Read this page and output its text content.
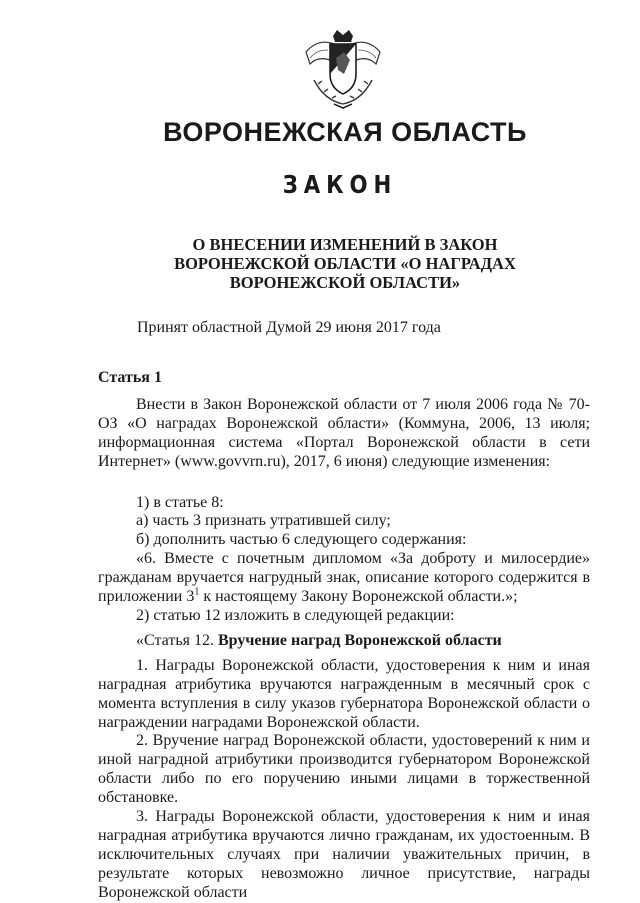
ВОРОНЕЖСКАЯ ОБЛАСТЬ
ЗАКОН
О ВНЕСЕНИИ ИЗМЕНЕНИЙ В ЗАКОН
ВОРОНЕЖСКОЙ ОБЛАСТИ «О НАГРАДАХ
ВОРОНЕЖСКОЙ ОБЛАСТИ»
Принят областной Думой 29 июня 2017 года

Статья 1

Внести в Закон Воронежской области от 7 июля 2006 года № 70-ОЗ «О наградах Воронежской области» (Коммуна, 2006, 13 июля; информационная система «Портал Воронежской области в сети Интернет» (www.govvrn.ru), 2017, 6 июня) следующие изменения:

1) в статье 8:

а) часть 3 признать утратившей силу;

б) дополнить частью 6 следующего содержания:

«6. Вместе с почетным дипломом «За доброту и милосердие» гражданам вручается нагрудный знак, описание которого содержится в приложении $3^1$ к настоящему Закону Воронежской области.»;

2) статью 12 изложить в следующей редакции:

«Статья 12. Вручение наград Воронежской области

1. Награды Воронежской области, удостоверения к ним и иная наградная атрибутика вручаются награжденным в месячный срок с момента вступления в силу указов губернатора Воронежской области о награждении наградами Воронежской области.

2. Вручение наград Воронежской области, удостоверений к ним и иной наградной атрибутики производится губернатором Воронежской области либо по его поручению иными лицами в торжественной обстановке.

3. Награды Воронежской области, удостоверения к ним и иная наградная атрибутика вручаются лично гражданам, их удостоенным. В исключительных случаях при наличии уважительных причин, в результате которых невозможно личное присутствие, награды Воронежской области
